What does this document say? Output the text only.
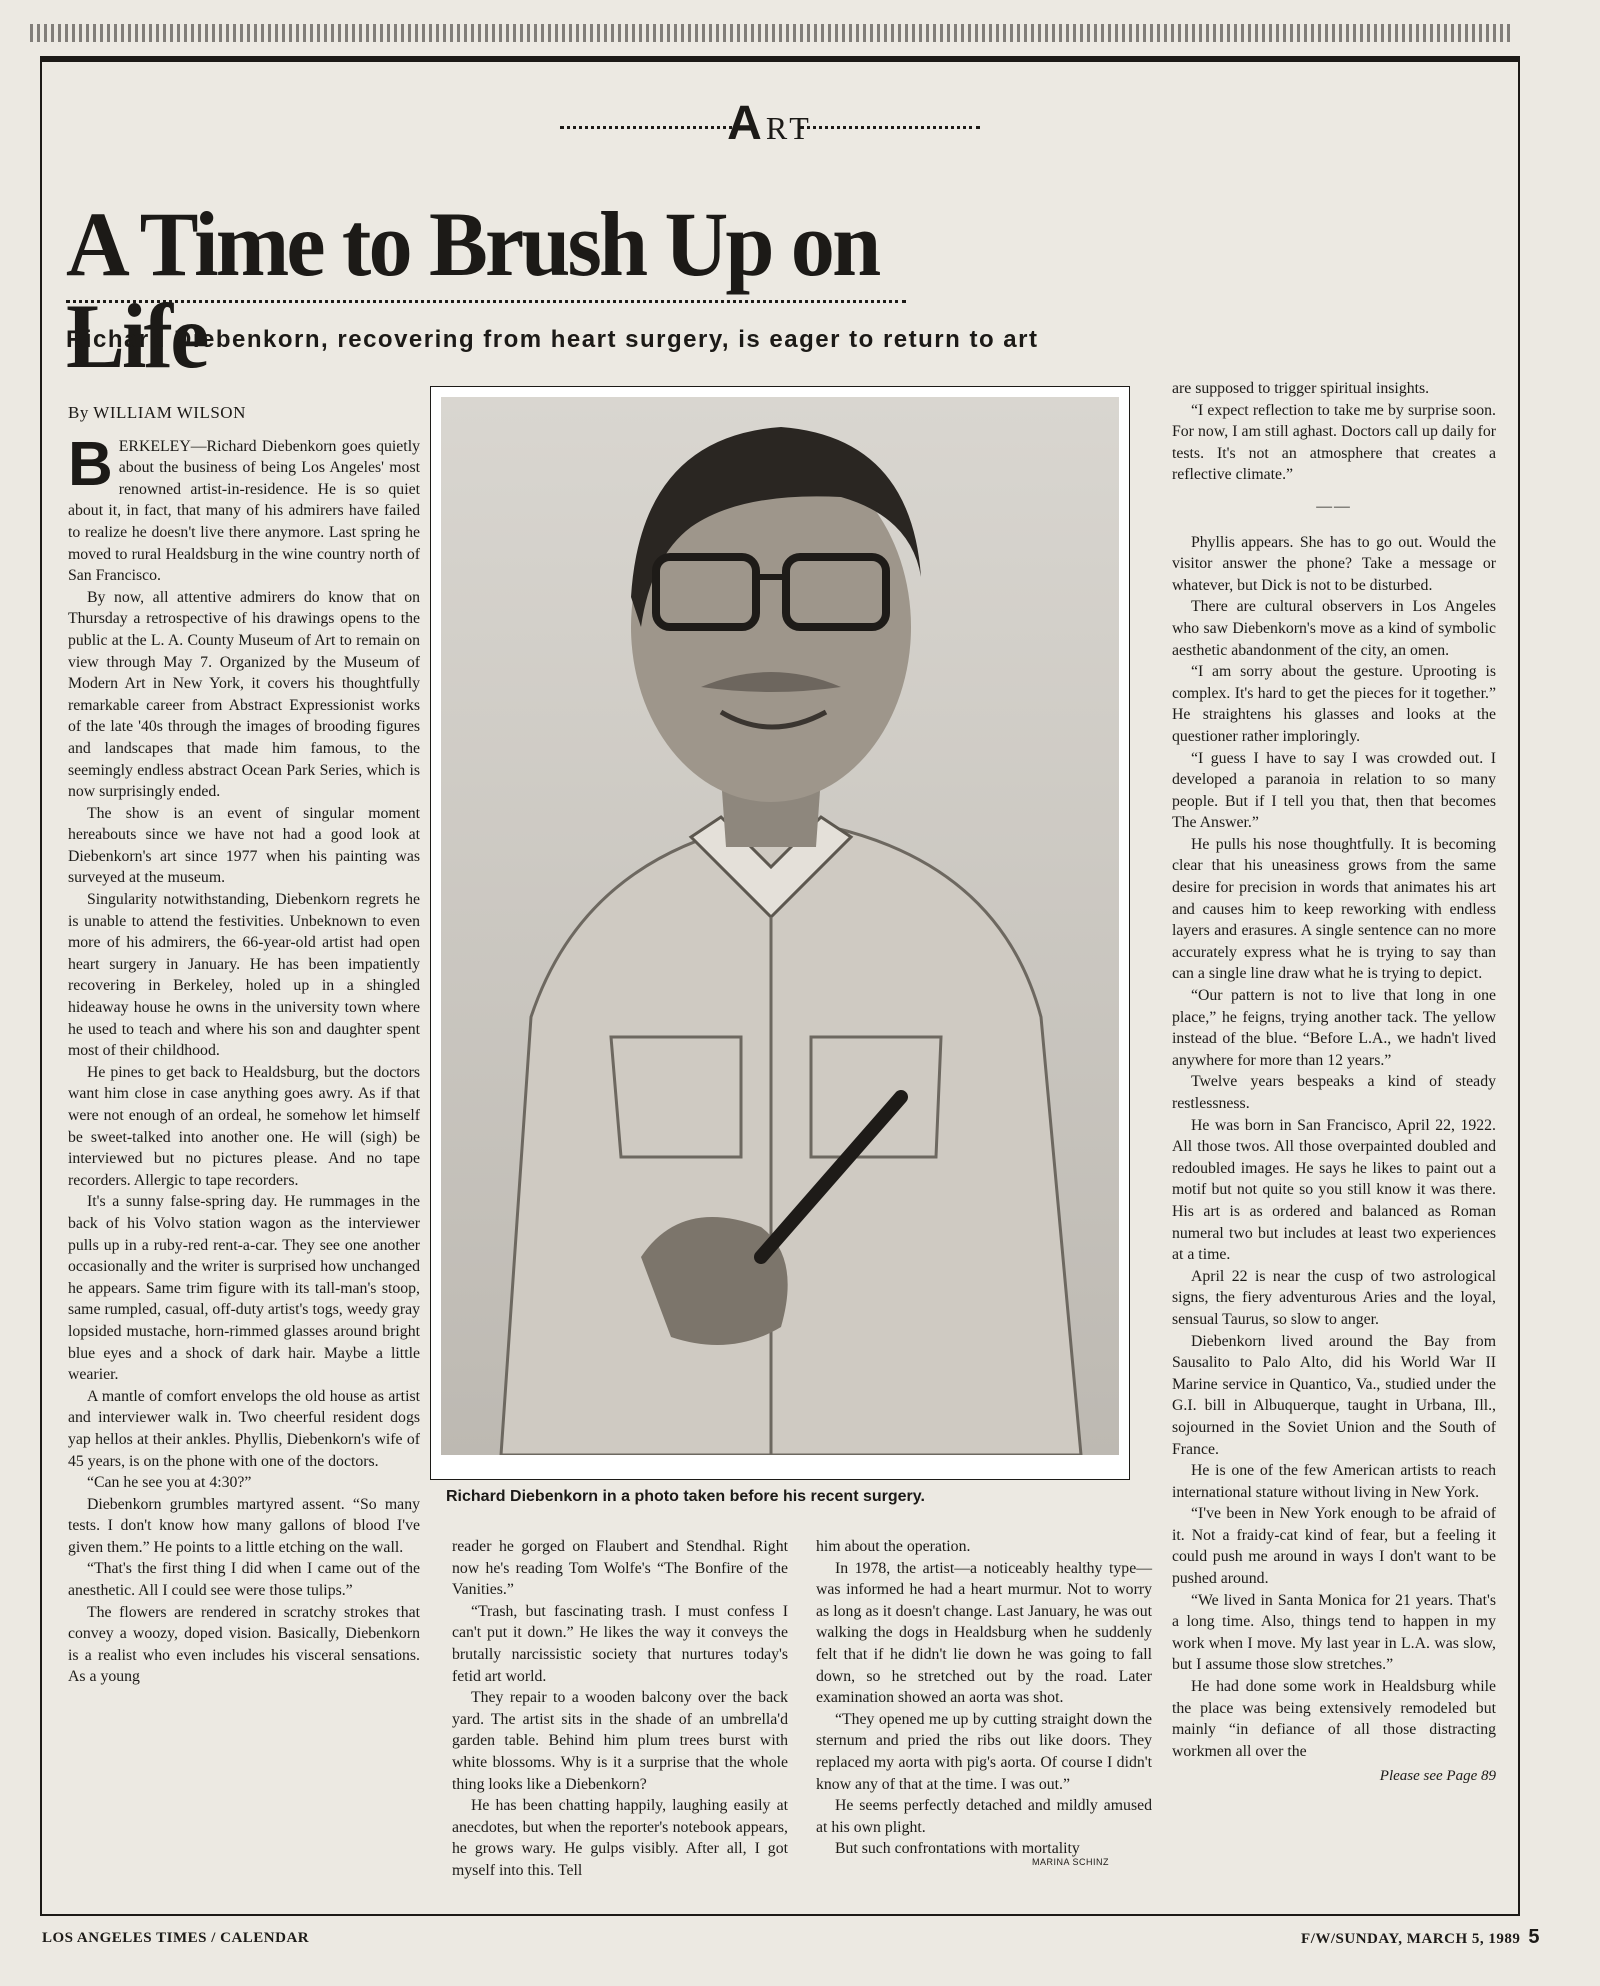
ART
A Time to Brush Up on Life
Richard Diebenkorn, recovering from heart surgery, is eager to return to art
By WILLIAM WILSON

BERKELEY—Richard Diebenkorn goes quietly about the business of being Los Angeles' most renowned artist-in-residence. He is so quiet about it, in fact, that many of his admirers have failed to realize he doesn't live there anymore. Last spring he moved to rural Healdsburg in the wine country north of San Francisco.

By now, all attentive admirers do know that on Thursday a retrospective of his drawings opens to the public at the L. A. County Museum of Art to remain on view through May 7. Organized by the Museum of Modern Art in New York, it covers his thoughtfully remarkable career from Abstract Expressionist works of the late '40s through the images of brooding figures and landscapes that made him famous, to the seemingly endless abstract Ocean Park Series, which is now surprisingly ended.

The show is an event of singular moment hereabouts since we have not had a good look at Diebenkorn's art since 1977 when his painting was surveyed at the museum.

Singularity notwithstanding, Diebenkorn regrets he is unable to attend the festivities. Unbeknown to even more of his admirers, the 66-year-old artist had open heart surgery in January. He has been impatiently recovering in Berkeley, holed up in a shingled hideaway house he owns in the university town where he used to teach and where his son and daughter spent most of their childhood.

He pines to get back to Healdsburg, but the doctors want him close in case anything goes awry. As if that were not enough of an ordeal, he somehow let himself be sweet-talked into another one. He will (sigh) be interviewed but no pictures please. And no tape recorders. Allergic to tape recorders.

It's a sunny false-spring day. He rummages in the back of his Volvo station wagon as the interviewer pulls up in a ruby-red rent-a-car. They see one another occasionally and the writer is surprised how unchanged he appears. Same trim figure with its tall-man's stoop, same rumpled, casual, off-duty artist's togs, weedy gray lopsided mustache, horn-rimmed glasses around bright blue eyes and a shock of dark hair. Maybe a little wearier.

A mantle of comfort envelops the old house as artist and interviewer walk in. Two cheerful resident dogs yap hellos at their ankles. Phyllis, Diebenkorn's wife of 45 years, is on the phone with one of the doctors.

“Can he see you at 4:30?”

Diebenkorn grumbles martyred assent. “So many tests. I don't know how many gallons of blood I've given them.” He points to a little etching on the wall.

“That's the first thing I did when I came out of the anesthetic. All I could see were those tulips.”

The flowers are rendered in scratchy strokes that convey a woozy, doped vision. Basically, Diebenkorn is a realist who even includes his visceral sensations. As a young

MARINA SCHINZ
Richard Diebenkorn in a photo taken before his recent surgery.

reader he gorged on Flaubert and Stendhal. Right now he's reading Tom Wolfe's “The Bonfire of the Vanities.”

“Trash, but fascinating trash. I must confess I can't put it down.” He likes the way it conveys the brutally narcissistic society that nurtures today's fetid art world.

They repair to a wooden balcony over the back yard. The artist sits in the shade of an umbrella'd garden table. Behind him plum trees burst with white blossoms. Why is it a surprise that the whole thing looks like a Diebenkorn?

He has been chatting happily, laughing easily at anecdotes, but when the reporter's notebook appears, he grows wary. He gulps visibly. After all, I got myself into this. Tell

him about the operation.

In 1978, the artist—a noticeably healthy type—was informed he had a heart murmur. Not to worry as long as it doesn't change. Last January, he was out walking the dogs in Healdsburg when he suddenly felt that if he didn't lie down he was going to fall down, so he stretched out by the road. Later examination showed an aorta was shot.

“They opened me up by cutting straight down the sternum and pried the ribs out like doors. They replaced my aorta with pig's aorta. Of course I didn't know any of that at the time. I was out.”

He seems perfectly detached and mildly amused at his own plight.

But such confrontations with mortality

are supposed to trigger spiritual insights.

“I expect reflection to take me by surprise soon. For now, I am still aghast. Doctors call up daily for tests. It's not an atmosphere that creates a reflective climate.”

——

Phyllis appears. She has to go out. Would the visitor answer the phone? Take a message or whatever, but Dick is not to be disturbed.

There are cultural observers in Los Angeles who saw Diebenkorn's move as a kind of symbolic aesthetic abandonment of the city, an omen.

“I am sorry about the gesture. Uprooting is complex. It's hard to get the pieces for it together.” He straightens his glasses and looks at the questioner rather imploringly.

“I guess I have to say I was crowded out. I developed a paranoia in relation to so many people. But if I tell you that, then that becomes The Answer.”

He pulls his nose thoughtfully. It is becoming clear that his uneasiness grows from the same desire for precision in words that animates his art and causes him to keep reworking with endless layers and erasures. A single sentence can no more accurately express what he is trying to say than can a single line draw what he is trying to depict.

“Our pattern is not to live that long in one place,” he feigns, trying another tack. The yellow instead of the blue. “Before L.A., we hadn't lived anywhere for more than 12 years.”

Twelve years bespeaks a kind of steady restlessness.

He was born in San Francisco, April 22, 1922. All those twos. All those overpainted doubled and redoubled images. He says he likes to paint out a motif but not quite so you still know it was there. His art is as ordered and balanced as Roman numeral two but includes at least two experiences at a time.

April 22 is near the cusp of two astrological signs, the fiery adventurous Aries and the loyal, sensual Taurus, so slow to anger.

Diebenkorn lived around the Bay from Sausalito to Palo Alto, did his World War II Marine service in Quantico, Va., studied under the G.I. bill in Albuquerque, taught in Urbana, Ill., sojourned in the Soviet Union and the South of France.

He is one of the few American artists to reach international stature without living in New York.

“I've been in New York enough to be afraid of it. Not a fraidy-cat kind of fear, but a feeling it could push me around in ways I don't want to be pushed around.

“We lived in Santa Monica for 21 years. That's a long time. Also, things tend to happen in my work when I move. My last year in L.A. was slow, but I assume those slow stretches.”

He had done some work in Healdsburg while the place was being extensively remodeled but mainly “in defiance of all those distracting workmen all over the

Please see Page 89
LOS ANGELES TIMES / CALENDAR	F/W/SUNDAY, MARCH 5, 1989 5
